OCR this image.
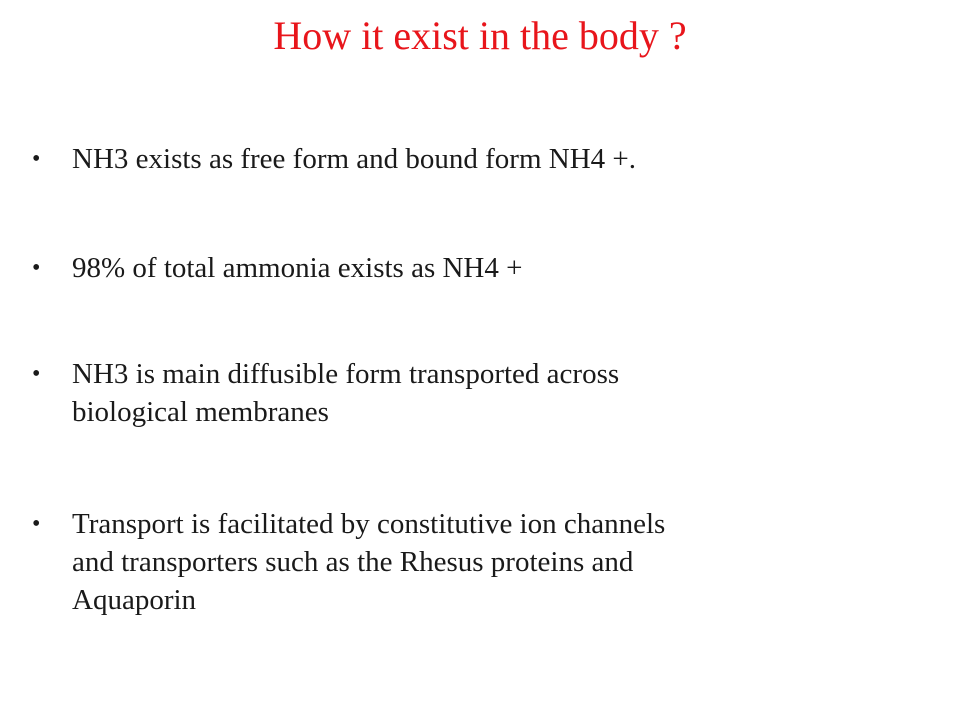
How it exist in the body ?
•	NH3 exists as free form and bound form NH4 +.
•	98% of total ammonia exists as NH4 +
•	NH3 is main diffusible form transported across
biological membranes
•	Transport is facilitated by constitutive ion channels
and transporters such as the Rhesus proteins and
Aquaporin
